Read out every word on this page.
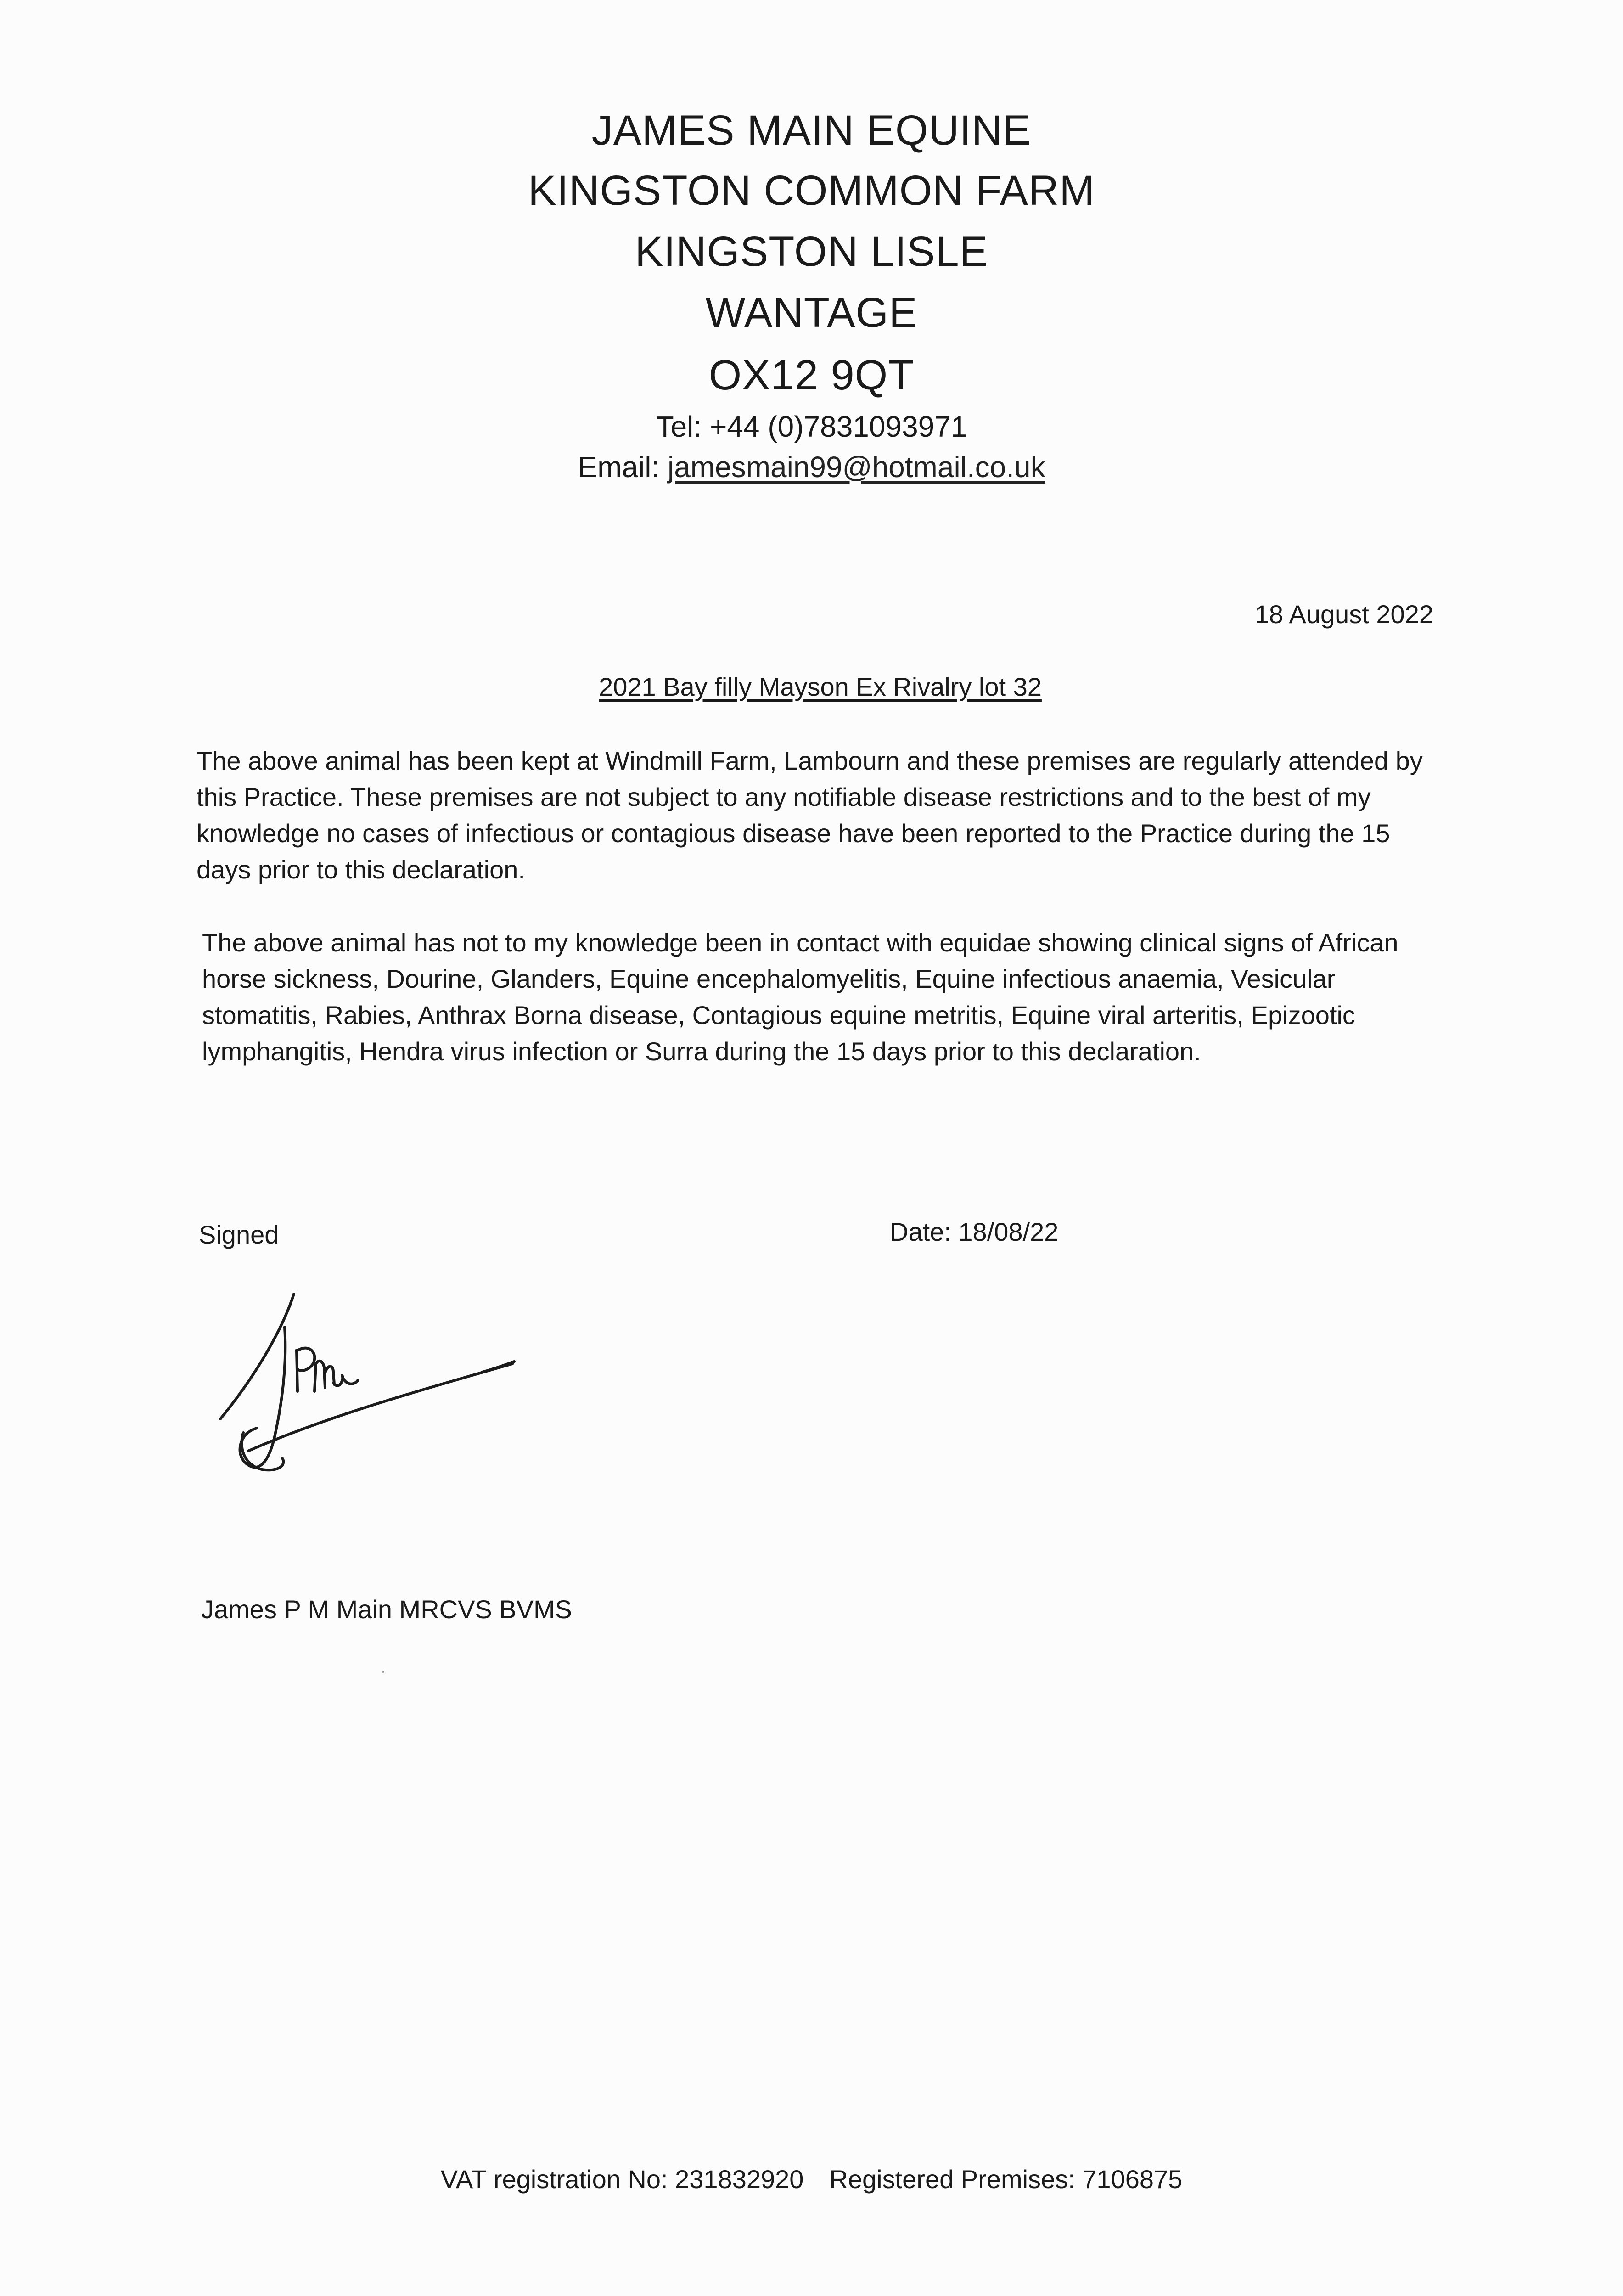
JAMES MAIN EQUINE
KINGSTON COMMON FARM
KINGSTON LISLE
WANTAGE
OX12 9QT
Tel: +44 (0)7831093971
Email: jamesmain99@hotmail.co.uk
18 August 2022
2021 Bay filly Mayson Ex Rivalry lot 32
The above animal has been kept at Windmill Farm, Lambourn and these premises are regularly attended by this Practice. These premises are not subject to any notifiable disease restrictions and to the best of my knowledge no cases of infectious or contagious disease have been reported to the Practice during the 15 days prior to this declaration.
The above animal has not to my knowledge been in contact with equidae showing clinical signs of African horse sickness, Dourine, Glanders, Equine encephalomyelitis, Equine infectious anaemia, Vesicular stomatitis, Rabies, Anthrax Borna disease, Contagious equine metritis, Equine viral arteritis, Epizootic lymphangitis, Hendra virus infection or Surra during the 15 days prior to this declaration.
Signed	Date: 18/08/22
James P M Main MRCVS BVMS
VAT registration No: 231832920 Registered Premises: 7106875
